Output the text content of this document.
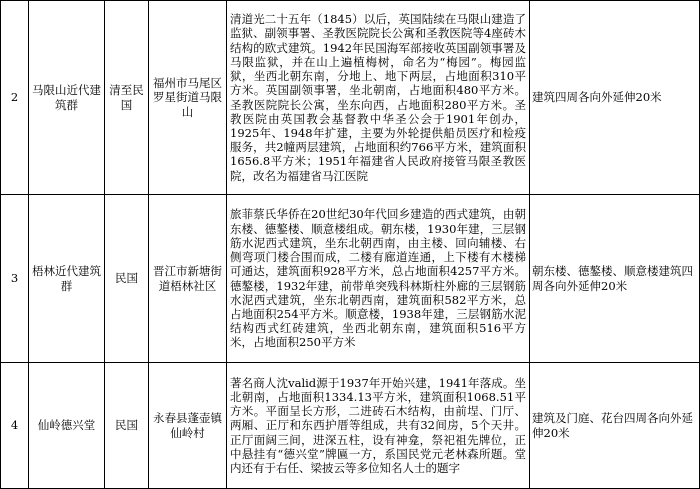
2	马限山近代建筑群	清至民国	福州市马尾区罗星街道马限山	清道光二十五年（1845）以后，英国陆续在马限山建造了监狱、副领事署、圣教医院院长公寓和圣教医院等4座砖木结构的欧式建筑。1942年民国海军部接收英国副领事署及马限监狱，并在山上遍植梅树，命名为“梅园”。梅园监狱，坐西北朝东南，分地上、地下两层，占地面积310平方米。英国副领事署，坐北朝南，占地面积480平方米。圣教医院院长公寓，坐东向西，占地面积280平方米。圣教医院由英国教会基督教中华圣公会于1901年创办，1925年、1948年扩建，主要为外轮提供船员医疗和检疫服务，共2幢两层建筑，占地面积约766平方米，建筑面积1656.8平方米；1951年福建省人民政府接管马限圣教医院，改名为福建省马江医院	建筑四周各向外延伸20米
3	梧林近代建筑群	民国	晋江市新塘街道梧林社区	旅菲蔡氏华侨在20世纪30年代回乡建造的西式建筑，由朝东楼、德鏊楼、顺意楼组成。朝东楼，1930年建，三层钢筋水泥西式建筑，坐东北朝西南，由主楼、回向辅楼、右侧弯项门楼合围而成，二楼有廊道连通，上下楼有木楼梯可通达，建筑面积928平方米，总占地面积4257平方米。德鏊楼，1932年建，前带单突残科林斯柱外廊的三层钢筋水泥西式建筑，坐东北朝西南，建筑面积582平方米，总占地面积254平方米。顺意楼，1938年建，三层钢筋水泥结构西式红砖建筑，坐西北朝东南，建筑面积516平方米，占地面积250平方米	朝东楼、德鏊楼、顺意楼建筑四周各向外延伸20米
4	仙岭德兴堂	民国	永春县蓬壶镇仙岭村	著名商人沈valid源于1937年开始兴建，1941年落成。坐北朝南，占地面积1334.13平方米，建筑面积1068.51平方米。平面呈长方形，二进砖石木结构，由前埕、门厅、两厢、正厅和东西护厝等组成，共有32间房，5个天井。正厅面阔三间，进深五柱，设有神龛，祭祀祖先牌位，正中悬挂有“德兴堂”牌匾一方，系国民党元老林森所题。堂内还有于右任、梁披云等多位知名人士的题字	建筑及门庭、花台四周各向外延伸20米
